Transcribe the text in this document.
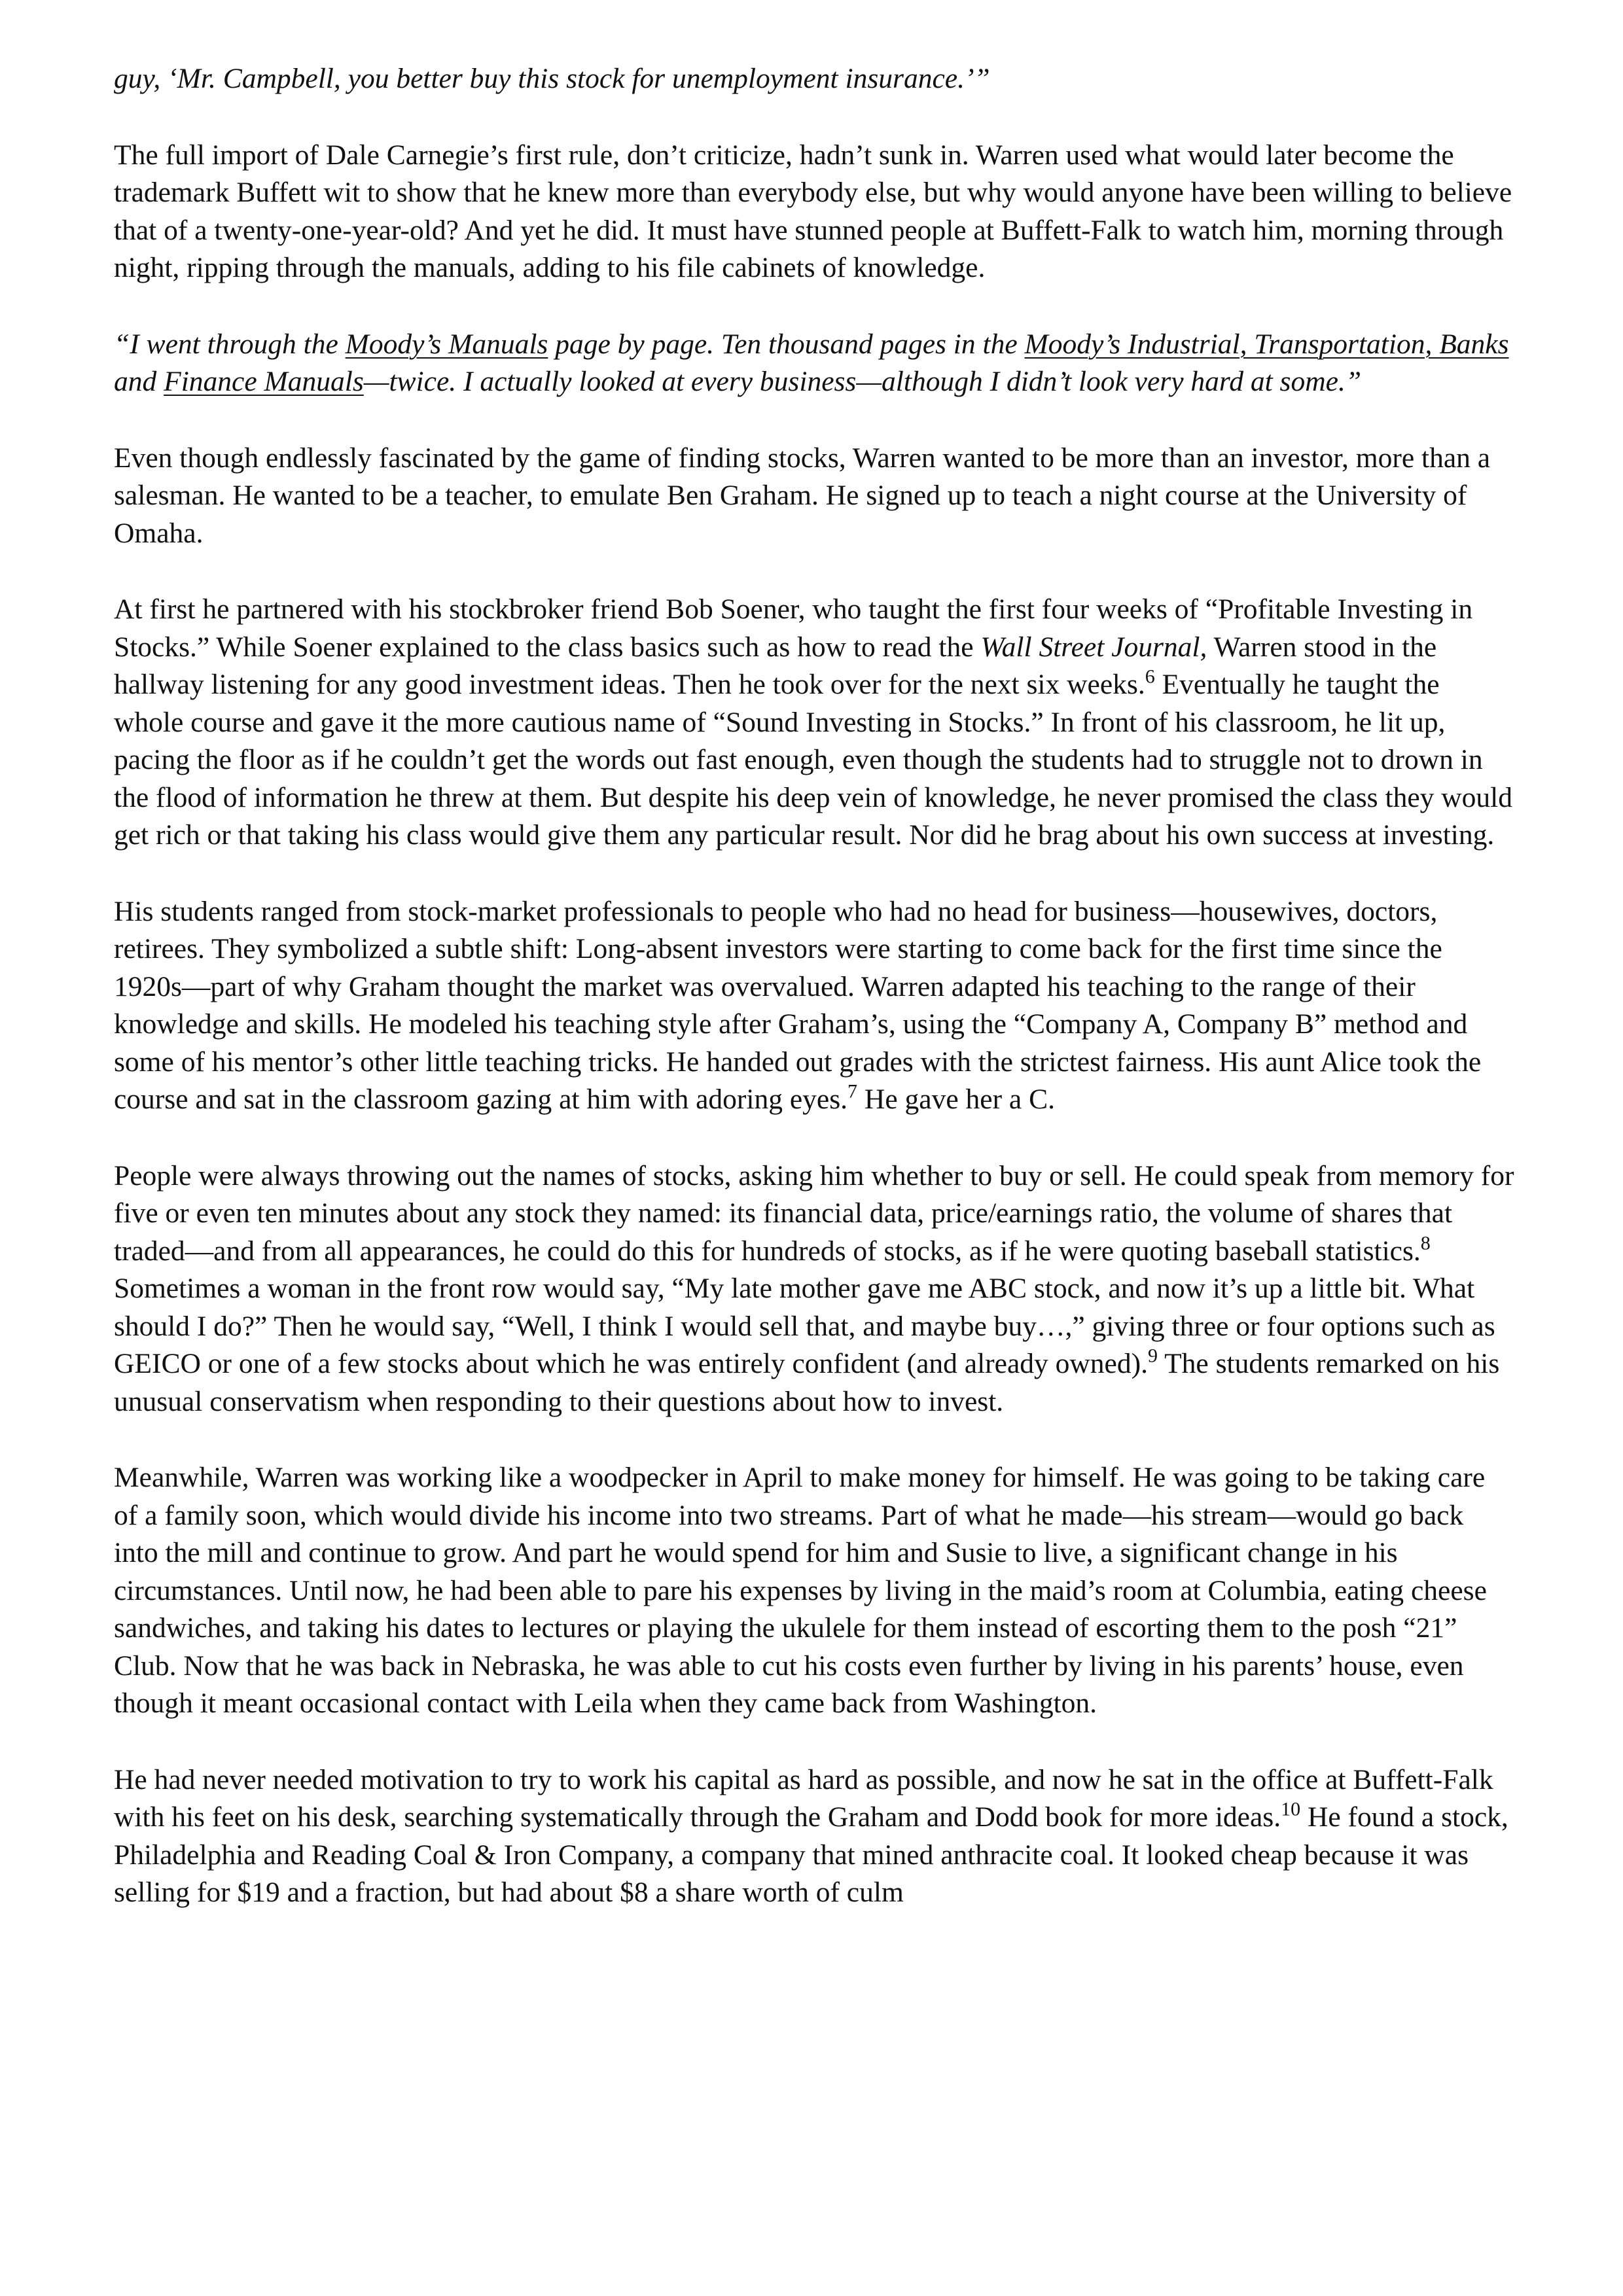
guy, ‘Mr. Campbell, you better buy this stock for unemployment insurance.’”

The full import of Dale Carnegie’s first rule, don’t criticize, hadn’t sunk in. Warren used what would later become the trademark Buffett wit to show that he knew more than everybody else, but why would anyone have been willing to believe that of a twenty-one-year-old? And yet he did. It must have stunned people at Buffett-Falk to watch him, morning through night, ripping through the manuals, adding to his file cabinets of knowledge.

“I went through the Moody’s Manuals page by page. Ten thousand pages in the Moody’s Industrial, Transportation, Banks and Finance Manuals—twice. I actually looked at every business—although I didn’t look very hard at some.”

Even though endlessly fascinated by the game of finding stocks, Warren wanted to be more than an investor, more than a salesman. He wanted to be a teacher, to emulate Ben Graham. He signed up to teach a night course at the University of Omaha.

At first he partnered with his stockbroker friend Bob Soener, who taught the first four weeks of “Profitable Investing in Stocks.” While Soener explained to the class basics such as how to read the Wall Street Journal, Warren stood in the hallway listening for any good investment ideas. Then he took over for the next six weeks.$^6$ Eventually he taught the whole course and gave it the more cautious name of “Sound Investing in Stocks.” In front of his classroom, he lit up, pacing the floor as if he couldn’t get the words out fast enough, even though the students had to struggle not to drown in the flood of information he threw at them. But despite his deep vein of knowledge, he never promised the class they would get rich or that taking his class would give them any particular result. Nor did he brag about his own success at investing.

His students ranged from stock-market professionals to people who had no head for business—housewives, doctors, retirees. They symbolized a subtle shift: Long-absent investors were starting to come back for the first time since the 1920s—part of why Graham thought the market was overvalued. Warren adapted his teaching to the range of their knowledge and skills. He modeled his teaching style after Graham’s, using the “Company A, Company B” method and some of his mentor’s other little teaching tricks. He handed out grades with the strictest fairness. His aunt Alice took the course and sat in the classroom gazing at him with adoring eyes.$^7$ He gave her a C.

People were always throwing out the names of stocks, asking him whether to buy or sell. He could speak from memory for five or even ten minutes about any stock they named: its financial data, price/earnings ratio, the volume of shares that traded—and from all appearances, he could do this for hundreds of stocks, as if he were quoting baseball statistics.$^8$ Sometimes a woman in the front row would say, “My late mother gave me ABC stock, and now it’s up a little bit. What should I do?” Then he would say, “Well, I think I would sell that, and maybe buy…,” giving three or four options such as GEICO or one of a few stocks about which he was entirely confident (and already owned).$^9$ The students remarked on his unusual conservatism when responding to their questions about how to invest.

Meanwhile, Warren was working like a woodpecker in April to make money for himself. He was going to be taking care of a family soon, which would divide his income into two streams. Part of what he made—his stream—would go back into the mill and continue to grow. And part he would spend for him and Susie to live, a significant change in his circumstances. Until now, he had been able to pare his expenses by living in the maid’s room at Columbia, eating cheese sandwiches, and taking his dates to lectures or playing the ukulele for them instead of escorting them to the posh “21” Club. Now that he was back in Nebraska, he was able to cut his costs even further by living in his parents’ house, even though it meant occasional contact with Leila when they came back from Washington.

He had never needed motivation to try to work his capital as hard as possible, and now he sat in the office at Buffett-Falk with his feet on his desk, searching systematically through the Graham and Dodd book for more ideas.$^{10}$ He found a stock, Philadelphia and Reading Coal & Iron Company, a company that mined anthracite coal. It looked cheap because it was selling for $19 and a fraction, but had about $8 a share worth of culm
